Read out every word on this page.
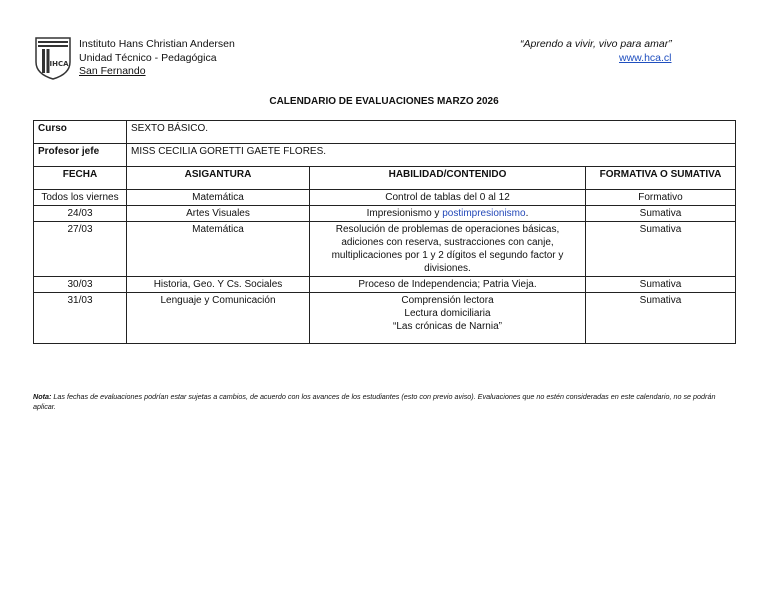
IHCA
Instituto Hans Christian Andersen
Unidad Técnico - Pedagógica
San Fernando
“Aprendo a vivir, vivo para amar”
www.hca.cl
CALENDARIO DE EVALUACIONES MARZO 2026
Curso	SEXTO BÁSICO.		
Profesor jefe	MISS CECILIA GORETTI GAETE FLORES.		
FECHA	ASIGANTURA	HABILIDAD/CONTENIDO	FORMATIVA O SUMATIVA
Todos los viernes	Matemática	Control de tablas del 0 al 12	Formativo
24/03	Artes Visuales	Impresionismo y postimpresionismo.	Sumativa
27/03	Matemática	Resolución de problemas de operaciones básicas, adiciones con reserva, sustracciones con canje, multiplicaciones por 1 y 2 dígitos el segundo factor y divisiones.	Sumativa
30/03	Historia, Geo. Y Cs. Sociales	Proceso de Independencia; Patria Vieja.	Sumativa
31/03	Lenguaje y Comunicación	Comprensión lectora
Lectura domiciliaria
“Las crónicas de Narnia”	Sumativa
Nota: Las fechas de evaluaciones podrían estar sujetas a cambios, de acuerdo con los avances de los estudiantes (esto con previo aviso). Evaluaciones que no estén consideradas en este calendario, no se podrán aplicar.
